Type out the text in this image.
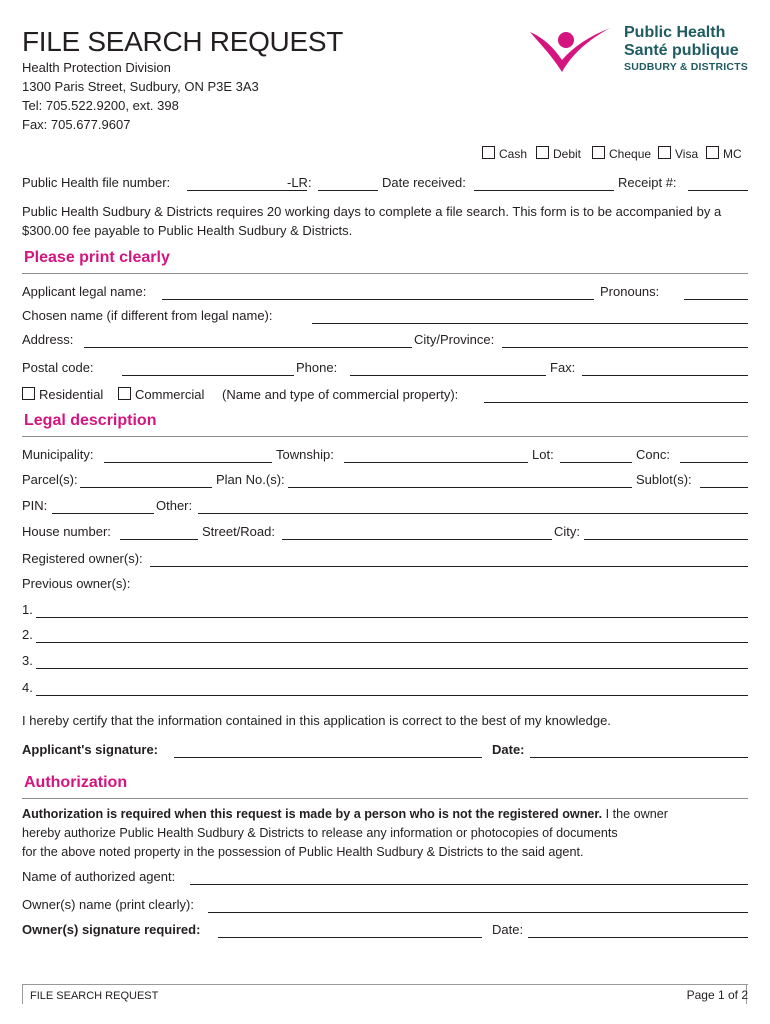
FILE SEARCH REQUEST
Health Protection Division
1300 Paris Street, Sudbury, ON P3E 3A3
Tel: 705.522.9200, ext. 398
Fax: 705.677.9607
Public Health
Santé publique
SUDBURY & DISTRICTS
Cash	Debit	Cheque	Visa	MC
Public Health file number:	-LR:	Date received:	Receipt #:
Public Health Sudbury & Districts requires 20 working days to complete a file search. This form is to be accompanied by a $300.00 fee payable to Public Health Sudbury & Districts.
Please print clearly
Applicant legal name:	Pronouns:
Chosen name (if different from legal name):
Address:	City/Province:
Postal code:	Phone:	Fax:
Residential	Commercial (Name and type of commercial property):
Legal description
Municipality:	Township:	Lot:	Conc:
Parcel(s):	Plan No.(s):	Sublot(s):
PIN:	Other:
House number:	Street/Road:	City:
Registered owner(s):
Previous owner(s):
1.
2.
3.
4.
I hereby certify that the information contained in this application is correct to the best of my knowledge.
Applicant's signature:	Date:
Authorization
Authorization is required when this request is made by a person who is not the registered owner. I the owner
hereby authorize Public Health Sudbury & Districts to release any information or photocopies of documents
for the above noted property in the possession of Public Health Sudbury & Districts to the said agent.
Name of authorized agent:
Owner(s) name (print clearly):
Owner(s) signature required:	Date:
FILE SEARCH REQUEST	Page 1 of 2
